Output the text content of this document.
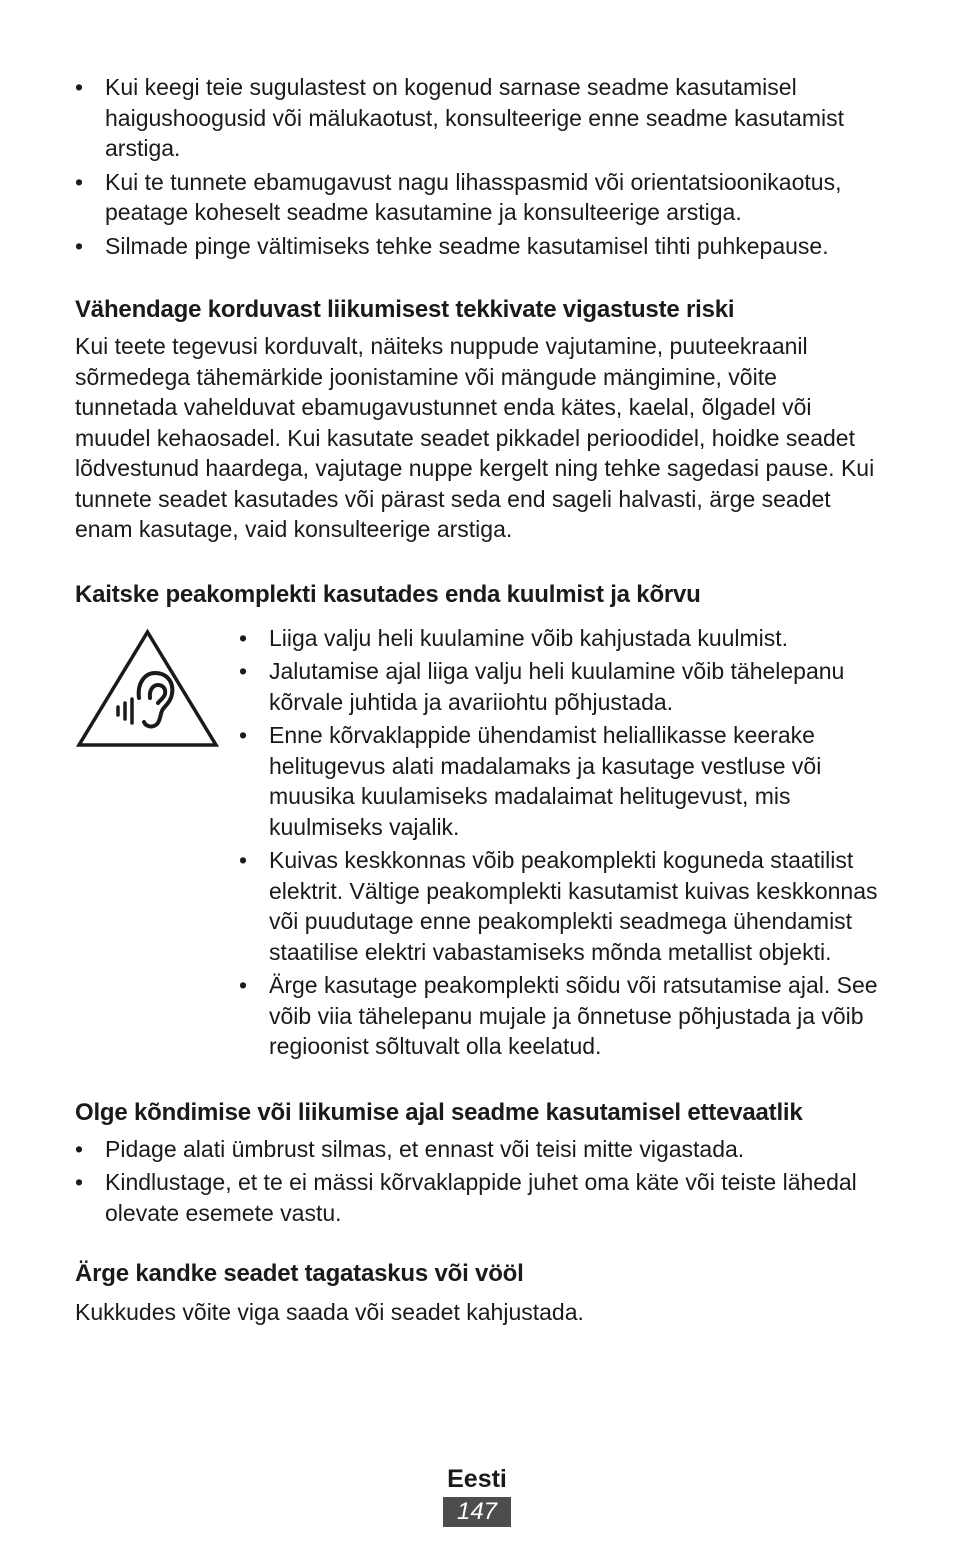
• Kui keegi teie sugulastest on kogenud sarnase seadme kasutamisel haigushoogusid või mälukaotust, konsulteerige enne seadme kasutamist arstiga.
• Kui te tunnete ebamugavust nagu lihasspasmid või orientatsioonikaotus, peatage koheselt seadme kasutamine ja konsulteerige arstiga.
• Silmade pinge vältimiseks tehke seadme kasutamisel tihti puhkepause.
Vähendage korduvast liikumisest tekkivate vigastuste riski

Kui teete tegevusi korduvalt, näiteks nuppude vajutamine, puuteekraanil sõrmedega tähemärkide joonistamine või mängude mängimine, võite tunnetada vahelduvat ebamugavustunnet enda kätes, kaelal, õlgadel või muudel kehaosadel. Kui kasutate seadet pikkadel perioodidel, hoidke seadet lõdvestunud haardega, vajutage nuppe kergelt ning tehke sagedasi pause. Kui tunnete seadet kasutades või pärast seda end sageli halvasti, ärge seadet enam kasutage, vaid konsulteerige arstiga.

Kaitske peakomplekti kasutades enda kuulmist ja kõrvu
• Liiga valju heli kuulamine võib kahjustada kuulmist.
• Jalutamise ajal liiga valju heli kuulamine võib tähelepanu kõrvale juhtida ja avariiohtu põhjustada.
• Enne kõrvaklappide ühendamist heliallikasse keerake helitugevus alati madalamaks ja kasutage vestluse või muusika kuulamiseks madalaimat helitugevust, mis kuulmiseks vajalik.
• Kuivas keskkonnas võib peakomplekti koguneda staatilist elektrit. Vältige peakomplekti kasutamist kuivas keskkonnas või puudutage enne peakomplekti seadmega ühendamist staatilise elektri vabastamiseks mõnda metallist objekti.
• Ärge kasutage peakomplekti sõidu või ratsutamise ajal. See võib viia tähelepanu mujale ja õnnetuse põhjustada ja võib regioonist sõltuvalt olla keelatud.
Olge kõndimise või liikumise ajal seadme kasutamisel ettevaatlik
• Pidage alati ümbrust silmas, et ennast või teisi mitte vigastada.
• Kindlustage, et te ei mässi kõrvaklappide juhet oma käte või teiste lähedal olevate esemete vastu.
Ärge kandke seadet tagataskus või vööl

Kukkudes võite viga saada või seadet kahjustada.

Eesti
147
